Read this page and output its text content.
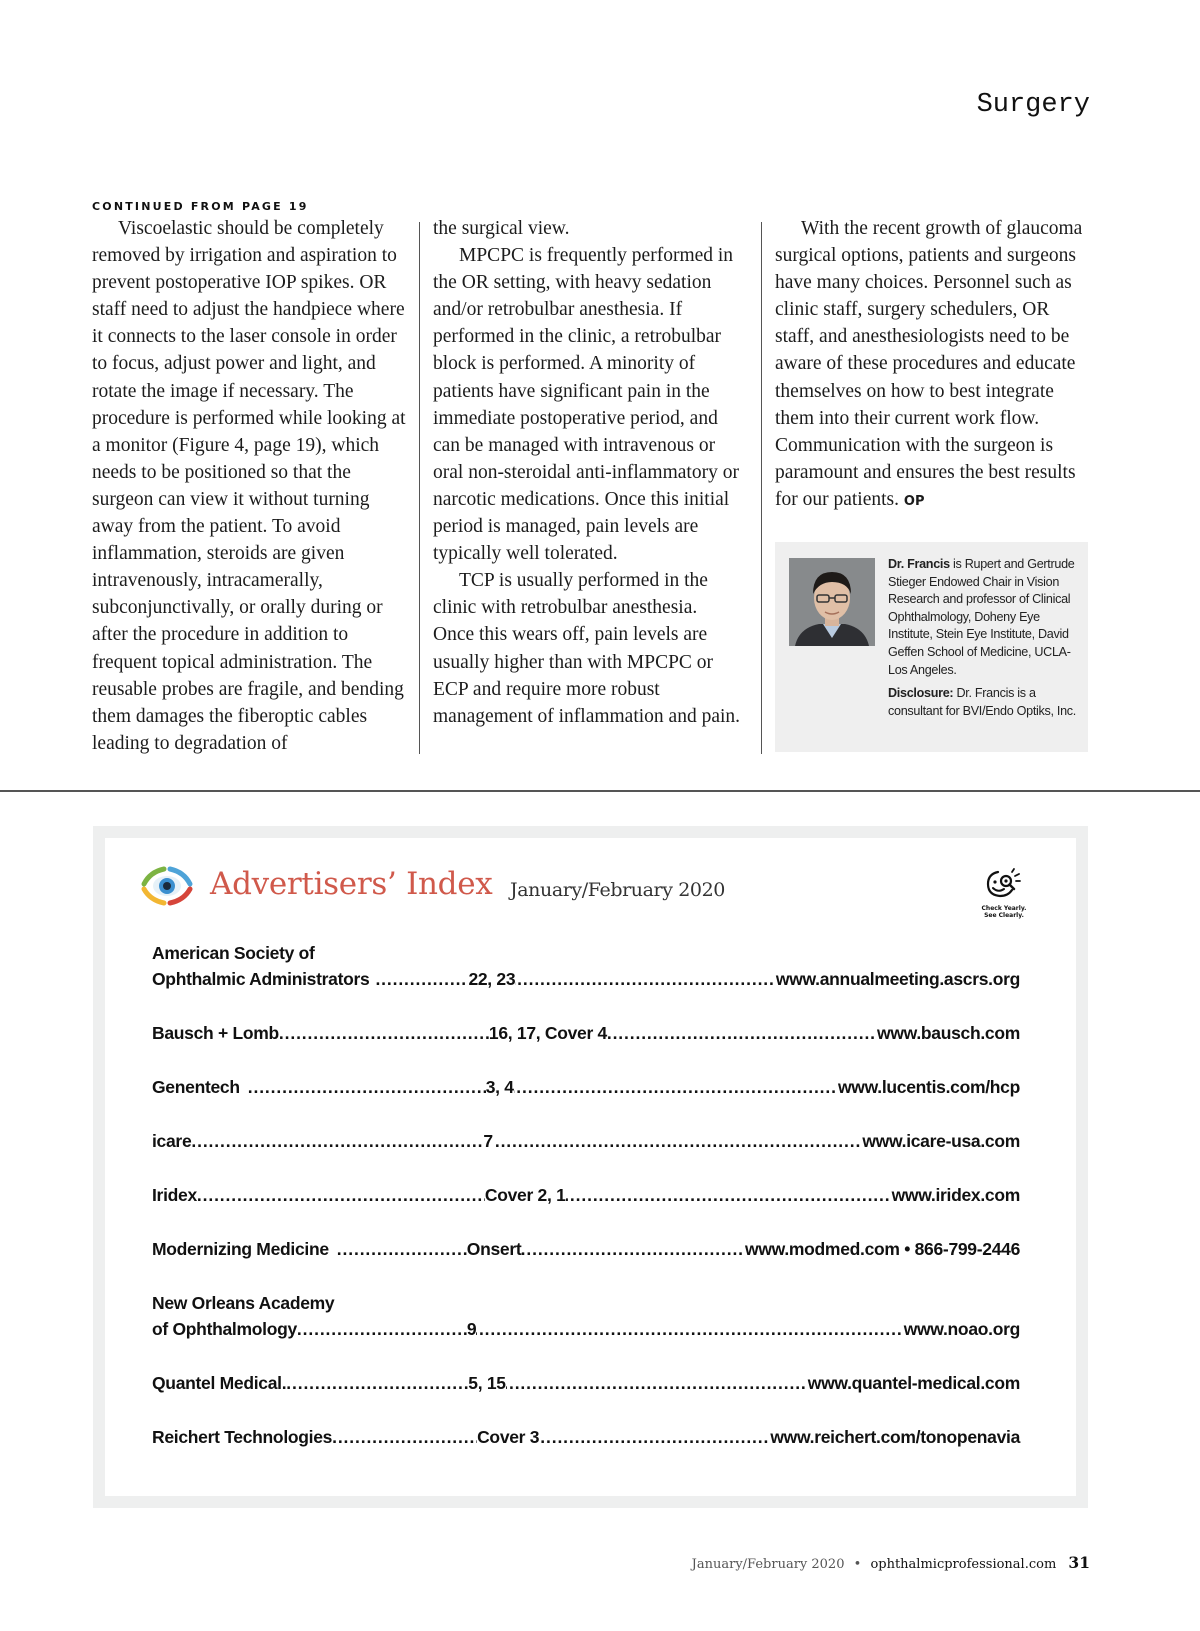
Surgery
CONTINUED FROM PAGE 19

Viscoelastic should be completely removed by irrigation and aspiration to prevent postoperative IOP spikes. OR staff need to adjust the handpiece where it connects to the laser console in order to focus, adjust power and light, and rotate the image if necessary. The procedure is performed while looking at a monitor (Figure 4, page 19), which needs to be positioned so that the surgeon can view it without turning away from the patient. To avoid inflammation, steroids are given intravenously, intracamerally, subconjunctivally, or orally during or after the procedure in addition to frequent topical administration. The reusable probes are fragile, and bending them damages the fiberoptic cables leading to degradation of

the surgical view.

MPCPC is frequently performed in the OR setting, with heavy sedation and/or retrobulbar anesthesia. If performed in the clinic, a retrobulbar block is performed. A minority of patients have significant pain in the immediate postoperative period, and can be managed with intravenous or oral non-steroidal anti-inflammatory or narcotic medications. Once this initial period is managed, pain levels are typically well tolerated.

TCP is usually performed in the clinic with retrobulbar anesthesia. Once this wears off, pain levels are usually higher than with MPCPC or ECP and require more robust management of inflammation and pain.

With the recent growth of glaucoma surgical options, patients and surgeons have many choices. Personnel such as clinic staff, surgery schedulers, OR staff, and anesthesiologists need to be aware of these procedures and educate themselves on how to best integrate them into their current work flow. Communication with the surgeon is paramount and ensures the best results for our patients. OP

Dr. Francis is Rupert and Gertrude Stieger Endowed Chair in Vision Research and professor of Clinical Ophthalmology, Doheny Eye Institute, Stein Eye Institute, David Geffen School of Medicine, UCLA-Los Angeles.

Disclosure: Dr. Francis is a consultant for BVI/Endo Optiks, Inc.

Advertisers’ Index January/February 2020
Check Yearly.
See Clearly.
American Society of
Ophthalmic Administrators . . .	22, 23 . . .	www.annualmeeting.ascrs.org
Bausch + Lomb . . .	16, 17, Cover 4 . . .	www.bausch.com
Genentech . . .	3, 4 . . .	www.lucentis.com/hcp
icare . . .	7 . . .	www.icare-usa.com
Iridex . . .	Cover 2, 1 . . .	www.iridex.com
Modernizing Medicine . . .	Onsert . . .	www.modmed.com • 866-799-2446
New Orleans Academy
of Ophthalmology . . .	9 . . .	www.noao.org
Quantel Medical. . . .	5, 15 . . .	www.quantel-medical.com
Reichert Technologies . . .	Cover 3 . . .	www.reichert.com/tonopenavia
January/February 2020 • ophthalmicprofessional.com 31
